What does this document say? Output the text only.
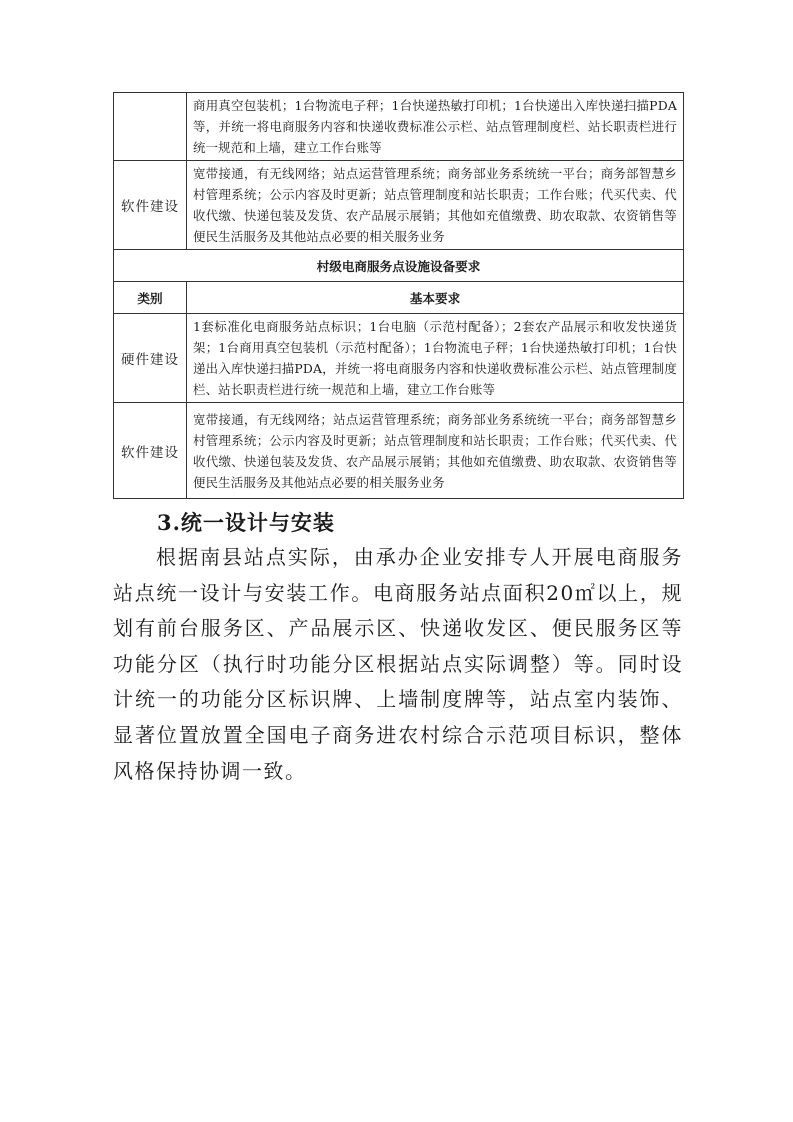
	商用真空包装机；1台物流电子秤；1台快递热敏打印机；1台快递出入库快递扫描PDA等，并统一将电商服务内容和快递收费标准公示栏、站点管理制度栏、站长职责栏进行统一规范和上墙，建立工作台账等
软件建设	宽带接通，有无线网络；站点运营管理系统；商务部业务系统统一平台；商务部智慧乡村管理系统；公示内容及时更新；站点管理制度和站长职责；工作台账；代买代卖、代收代缴、快递包装及发货、农产品展示展销；其他如充值缴费、助农取款、农资销售等便民生活服务及其他站点必要的相关服务业务
村级电商服务点设施设备要求	
类别	基本要求
硬件建设	1套标准化电商服务站点标识；1台电脑（示范村配备）；2套农产品展示和收发快递货架；1台商用真空包装机（示范村配备）；1台物流电子秤；1台快递热敏打印机；1台快递出入库快递扫描PDA，并统一将电商服务内容和快递收费标准公示栏、站点管理制度栏、站长职责栏进行统一规范和上墙，建立工作台账等
软件建设	宽带接通，有无线网络；站点运营管理系统；商务部业务系统统一平台；商务部智慧乡村管理系统；公示内容及时更新；站点管理制度和站长职责；工作台账；代买代卖、代收代缴、快递包装及发货、农产品展示展销；其他如充值缴费、助农取款、农资销售等便民生活服务及其他站点必要的相关服务业务
3.统一设计与安装

根据南县站点实际，由承办企业安排专人开展电商服务站点统一设计与安装工作。电商服务站点面积20㎡以上，规划有前台服务区、产品展示区、快递收发区、便民服务区等功能分区（执行时功能分区根据站点实际调整）等。同时设计统一的功能分区标识牌、上墙制度牌等，站点室内装饰、显著位置放置全国电子商务进农村综合示范项目标识，整体风格保持协调一致。
